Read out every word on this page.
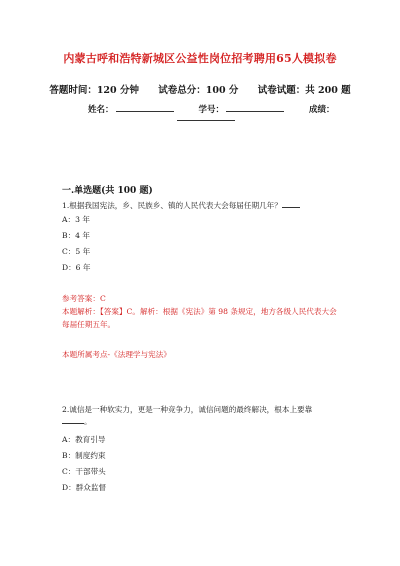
内蒙古呼和浩特新城区公益性岗位招考聘用65人模拟卷
答题时间：120 分钟 试卷总分：100 分 试卷试题：共 200 题
姓名：	学号：	成绩：
一.单选题(共 100 题)
1.根据我国宪法，乡、民族乡、镇的人民代表大会每届任期几年？
A：3 年
B：4 年
C：5 年
D：6 年
参考答案：C
本题解析：【答案】C。解析：根据《宪法》第 98 条规定，地方各级人民代表大会每届任期五年。
本题所属考点-《法理学与宪法》
2.诚信是一种软实力，更是一种竞争力，诚信问题的最终解决，根本上要靠
。
A：教育引导
B：制度约束
C：干部带头
D：群众监督
